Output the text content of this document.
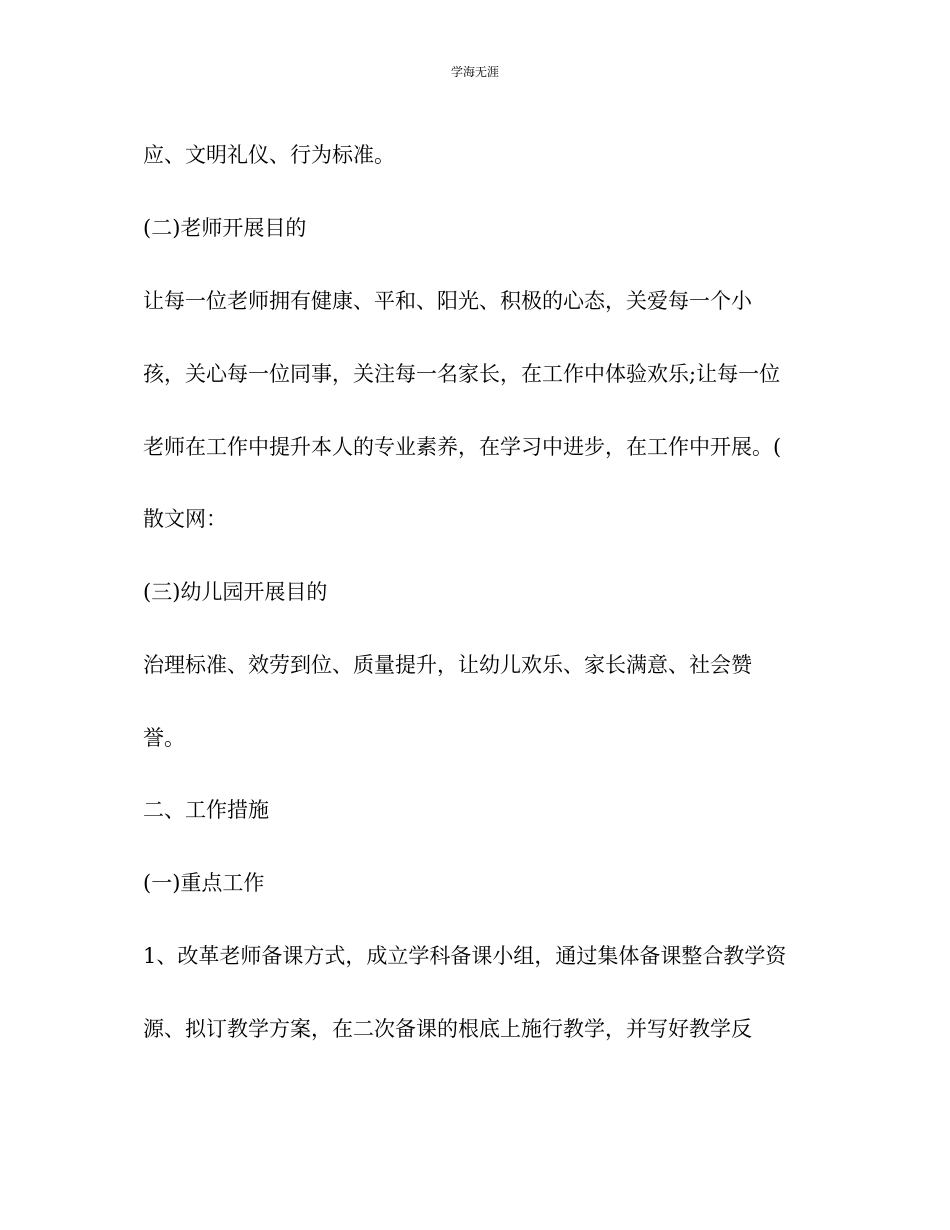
学海无涯
应、文明礼仪、行为标准。
(二)老师开展目的
让每一位老师拥有健康、平和、阳光、积极的心态，关爱每一个小
孩，关心每一位同事，关注每一名家长，在工作中体验欢乐;让每一位
老师在工作中提升本人的专业素养，在学习中进步，在工作中开展。(
散文网：
(三)幼儿园开展目的
治理标准、效劳到位、质量提升，让幼儿欢乐、家长满意、社会赞
誉。
二、工作措施
(一)重点工作
1、改革老师备课方式，成立学科备课小组，通过集体备课整合教学资
源、拟订教学方案，在二次备课的根底上施行教学，并写好教学反
